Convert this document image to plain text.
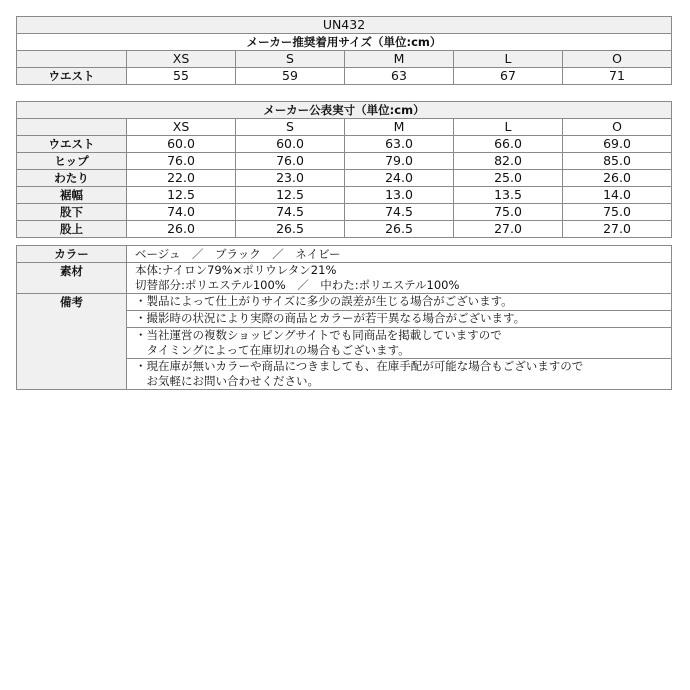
UN432					
メーカー推奨着用サイズ（単位:cm）					
	XS	S	M	L	O
ウエスト	55	59	63	67	71
メーカー公表実寸（単位:cm）					
	XS	S	M	L	O
ウエスト	60.0	60.0	63.0	66.0	69.0
ヒップ	76.0	76.0	79.0	82.0	85.0
わたり	22.0	23.0	24.0	25.0	26.0
裾幅	12.5	12.5	13.0	13.5	14.0
股下	74.0	74.5	74.5	75.0	75.0
股上	26.0	26.5	26.5	27.0	27.0
カラー	ベージュ　／　ブラック　／　ネイビー
素材	本体:ナイロン79%×ポリウレタン21%
切替部分:ポリエステル100%　／　中わた:ポリエステル100%

備考	・製品によって仕上がりサイズに多少の誤差が生じる場合がございます。

	・撮影時の状況により実際の商品とカラーが若干異なる場合がございます。

	・当社運営の複数ショッピングサイトでも同商品を掲載していますので
　タイミングによって在庫切れの場合もございます。

	・現在庫が無いカラーや商品につきましても、在庫手配が可能な場合もございますので
　お気軽にお問い合わせください。
